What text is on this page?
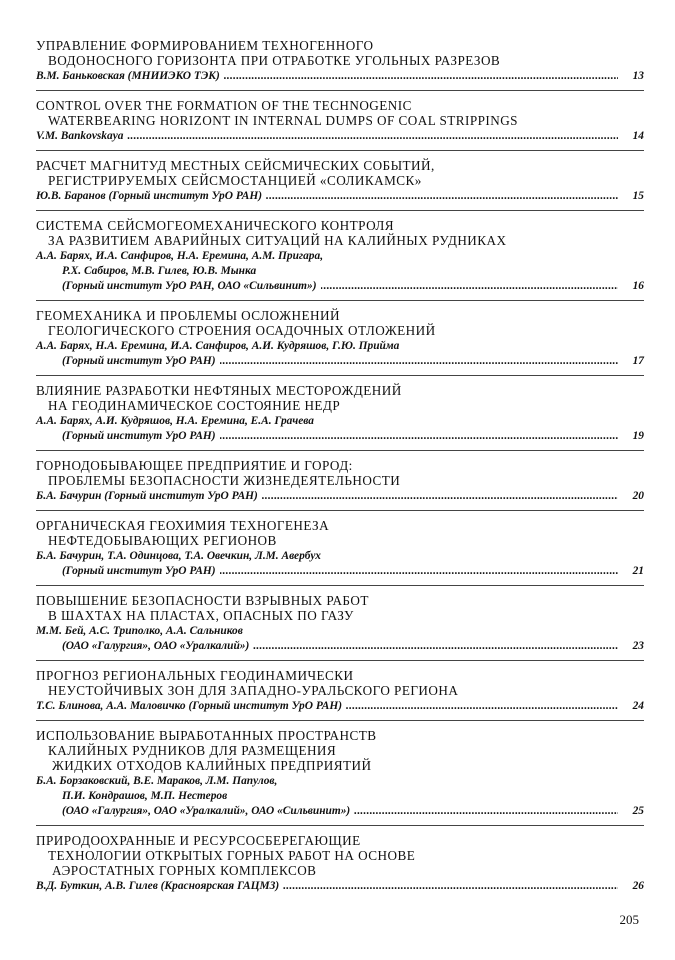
УПРАВЛЕНИЕ ФОРМИРОВАНИЕМ ТЕХНОГЕННОГО
ВОДОНОСНОГО ГОРИЗОНТА ПРИ ОТРАБОТКЕ УГОЛЬНЫХ РАЗРЕЗОВ
В.М. Баньковская (МНИИЭКО ТЭК) . . .	13
CONTROL OVER THE FORMATION OF THE TECHNOGENIC
WATERBEARING HORIZONT IN INTERNAL DUMPS OF COAL STRIPPINGS
V.M. Bankovskaya . . .	14
РАСЧЕТ МАГНИТУД МЕСТНЫХ СЕЙСМИЧЕСКИХ СОБЫТИЙ,
РЕГИСТРИРУЕМЫХ СЕЙСМОСТАНЦИЕЙ «СОЛИКАМСК»
Ю.В. Баранов (Горный институт УрО РАН) . . .	15
СИСТЕМА СЕЙСМОГЕОМЕХАНИЧЕСКОГО КОНТРОЛЯ
ЗА РАЗВИТИЕМ АВАРИЙНЫХ СИТУАЦИЙ НА КАЛИЙНЫХ РУДНИКАХ
А.А. Барях, И.А. Санфиров, Н.А. Еремина, А.М. Пригара,
Р.Х. Сабиров, М.В. Гилев, Ю.В. Мынка
(Горный институт УрО РАН, ОАО «Сильвинит») . . .	16
ГЕОМЕХАНИКА И ПРОБЛЕМЫ ОСЛОЖНЕНИЙ
ГЕОЛОГИЧЕСКОГО СТРОЕНИЯ ОСАДОЧНЫХ ОТЛОЖЕНИЙ
А.А. Барях, Н.А. Еремина, И.А. Санфиров, А.И. Кудряшов, Г.Ю. Прийма
(Горный институт УрО РАН) . . .	17
ВЛИЯНИЕ РАЗРАБОТКИ НЕФТЯНЫХ МЕСТОРОЖДЕНИЙ
НА ГЕОДИНАМИЧЕСКОЕ СОСТОЯНИЕ НЕДР
А.А. Барях, А.И. Кудряшов, Н.А. Еремина, Е.А. Грачева
(Горный институт УрО РАН) . . .	19
ГОРНОДОБЫВАЮЩЕЕ ПРЕДПРИЯТИЕ И ГОРОД:
ПРОБЛЕМЫ БЕЗОПАСНОСТИ ЖИЗНЕДЕЯТЕЛЬНОСТИ
Б.А. Бачурин (Горный институт УрО РАН) . . .	20
ОРГАНИЧЕСКАЯ ГЕОХИМИЯ ТЕХНОГЕНЕЗА
НЕФТЕДОБЫВАЮЩИХ РЕГИОНОВ
Б.А. Бачурин, Т.А. Одинцова, Т.А. Овечкин, Л.М. Авербух
(Горный институт УрО РАН) . . .	21
ПОВЫШЕНИЕ БЕЗОПАСНОСТИ ВЗРЫВНЫХ РАБОТ
В ШАХТАХ НА ПЛАСТАХ, ОПАСНЫХ ПО ГАЗУ
М.М. Бей, А.С. Триполко, А.А. Сальников
(ОАО «Галургия», ОАО «Уралкалий») . . .	23
ПРОГНОЗ РЕГИОНАЛЬНЫХ ГЕОДИНАМИЧЕСКИ
НЕУСТОЙЧИВЫХ ЗОН ДЛЯ ЗАПАДНО-УРАЛЬСКОГО РЕГИОНА
Т.С. Блинова, А.А. Маловичко (Горный институт УрО РАН) . . .	24
ИСПОЛЬЗОВАНИЕ ВЫРАБОТАННЫХ ПРОСТРАНСТВ
КАЛИЙНЫХ РУДНИКОВ ДЛЯ РАЗМЕЩЕНИЯ
ЖИДКИХ ОТХОДОВ КАЛИЙНЫХ ПРЕДПРИЯТИЙ
Б.А. Борзаковский, В.Е. Мараков, Л.М. Папулов,
П.И. Кондрашов, М.П. Нестеров
(ОАО «Галургия», ОАО «Уралкалий», ОАО «Сильвинит») . . .	25
ПРИРОДООХРАННЫЕ И РЕСУРСОСБЕРЕГАЮЩИЕ
ТЕХНОЛОГИИ ОТКРЫТЫХ ГОРНЫХ РАБОТ НА ОСНОВЕ
АЭРОСТАТНЫХ ГОРНЫХ КОМПЛЕКСОВ
В.Д. Буткин, А.В. Гилев (Красноярская ГАЦМЗ) . . .	26
205
